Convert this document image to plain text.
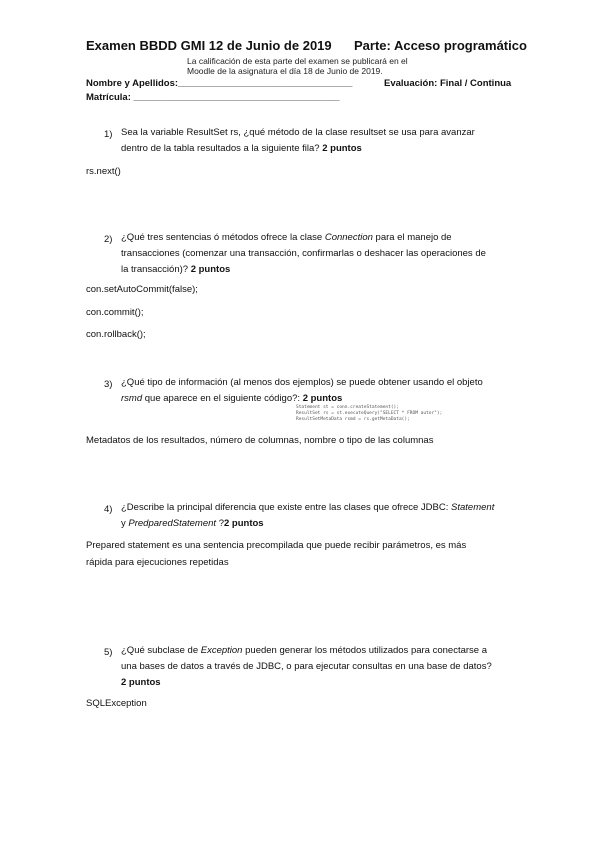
Examen BBDD GMI 12 de Junio de 2019 Parte: Acceso programático
La calificación de esta parte del examen se publicará en el
Moodle de la asignatura el día 18 de Junio de 2019.
Nombre y Apellidos:_________________________________	Evaluación: Final / Continua
Matrícula: _______________________________________
1) Sea la variable ResultSet rs, ¿qué método de la clase resultset se usa para avanzar
dentro de la tabla resultados a la siguiente fila? 2 puntos
rs.next()
2) ¿Qué tres sentencias ó métodos ofrece la clase Connection para el manejo de
transacciones (comenzar una transacción, confirmarlas o deshacer las operaciones de
la transacción)? 2 puntos
con.setAutoCommit(false);
con.commit();
con.rollback();
3) ¿Qué tipo de información (al menos dos ejemplos) se puede obtener usando el objeto
rsmd que aparece en el siguiente código?: 2 puntos
Statement st = conn.createStatement();
ResultSet rs = st.executeQuery("SELECT * FROM autor");
ResultSetMetaData rsmd = rs.getMetaData();
Metadatos de los resultados, número de columnas, nombre o tipo de las columnas
4) ¿Describe la principal diferencia que existe entre las clases que ofrece JDBC: Statement
y PredparedStatement ?2 puntos
Prepared statement es una sentencia precompilada que puede recibir parámetros, es más
rápida para ejecuciones repetidas
5) ¿Qué subclase de Exception pueden generar los métodos utilizados para conectarse a
una bases de datos a través de JDBC, o para ejecutar consultas en una base de datos?
2 puntos
SQLException
